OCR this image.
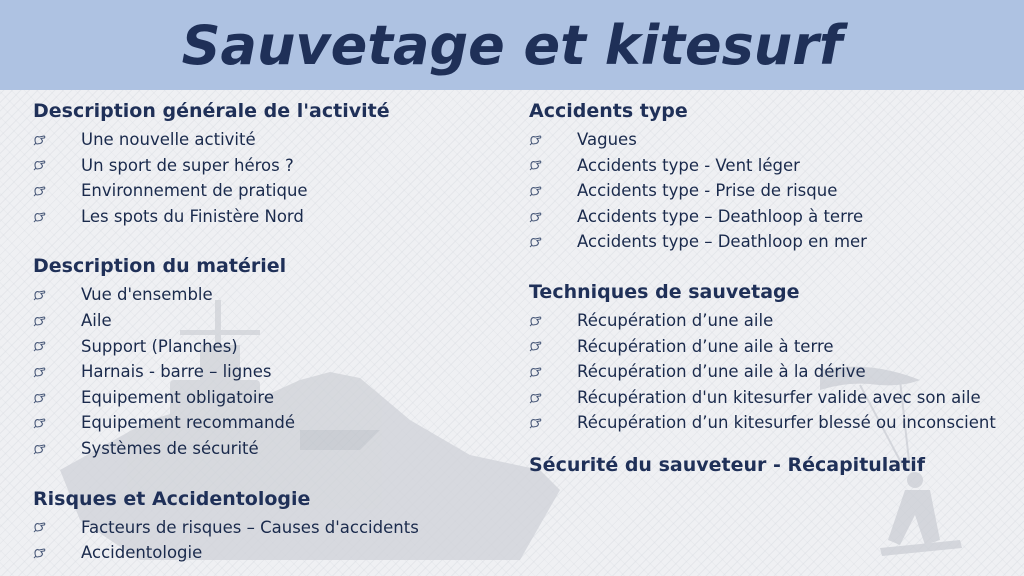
Sauvetage et kitesurf
Description générale de l'activité
Une nouvelle activité
Un sport de super héros ?
Environnement de pratique
Les spots du Finistère Nord
Description du matériel
Vue d'ensemble
Aile
Support (Planches)
Harnais - barre – lignes
Equipement obligatoire
Equipement recommandé
Systèmes de sécurité
Risques et Accidentologie
Facteurs de risques – Causes d'accidents
Accidentologie
Accidents type
Vagues
Accidents type - Vent léger
Accidents type - Prise de risque
Accidents type – Deathloop à terre
Accidents type – Deathloop en mer
Techniques de sauvetage
Récupération d’une aile
Récupération d’une aile à terre
Récupération d’une aile à la dérive
Récupération d'un kitesurfer valide avec son aile
Récupération d’un kitesurfer blessé ou inconscient
Sécurité du sauveteur - Récapitulatif
